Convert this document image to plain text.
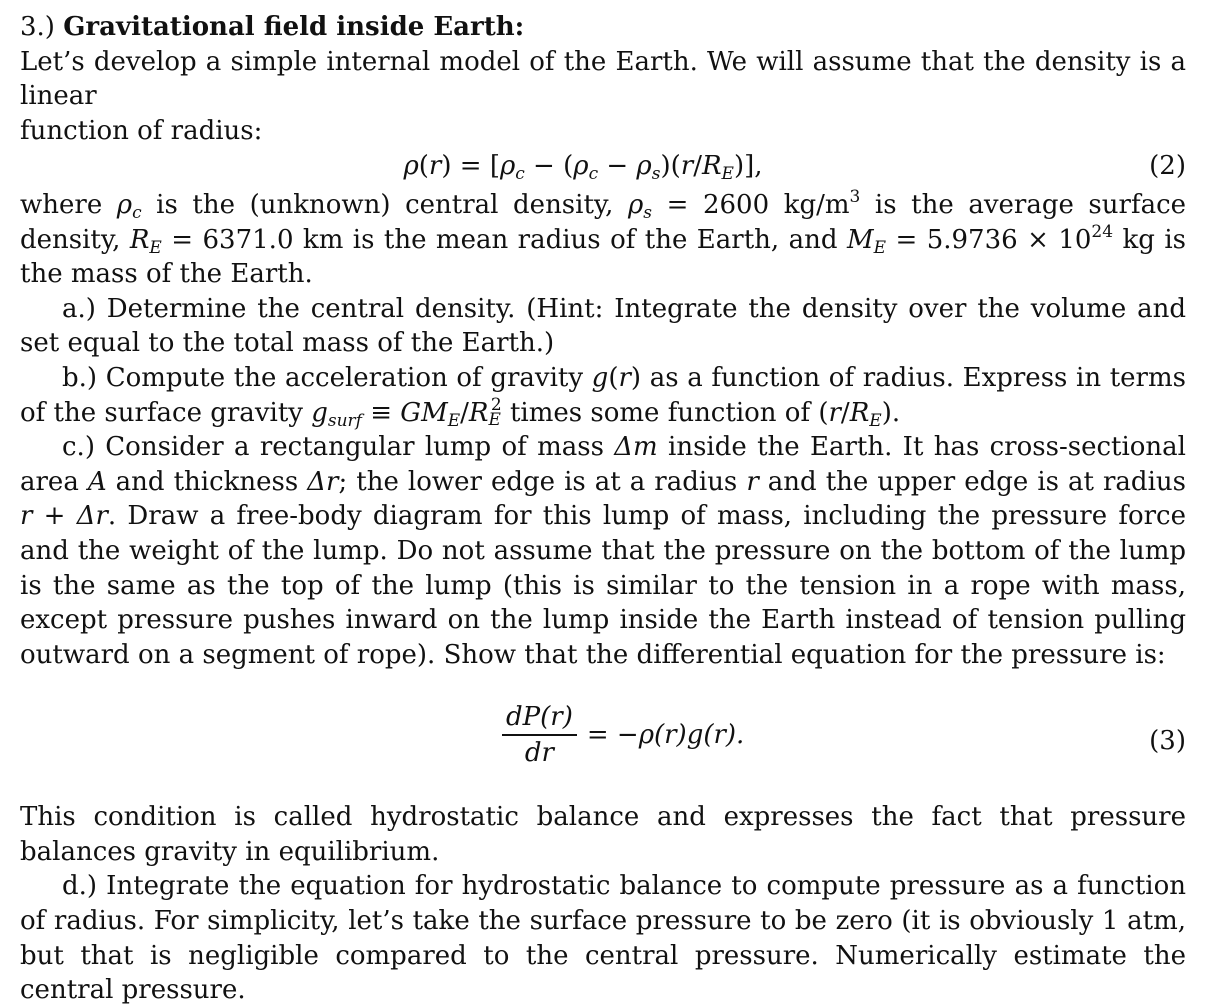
3.) Gravitational field inside Earth:

Let’s develop a simple internal model of the Earth. We will assume that the density is a linear
function of radius:

$\rho(r) = [\rho_c - (\rho_c - \rho_s)(r/R_E)]$,	(2)

where $\rho_c$ is the (unknown) central density, $\rho_s = 2600$ $kg/m^3$ is the average surface density, $R_E = 6371.0$ km is the mean radius of the Earth, and $M_E = 5.9736 \times 10^{24}$ kg is the mass of the Earth.

a.) Determine the central density. (Hint: Integrate the density over the volume and set equal to the total mass of the Earth.)

b.) Compute the acceleration of gravity g(r) as a function of radius. Express in terms of the surface gravity $g_{surf} \equiv GM_E/R_E^2$ times some function of $(r/R_E)$.

c.) Consider a rectangular lump of mass Δm inside the Earth. It has cross-sectional area A and thickness Δr; the lower edge is at a radius r and the upper edge is at radius r + Δr. Draw a free-body diagram for this lump of mass, including the pressure force and the weight of the lump. Do not assume that the pressure on the bottom of the lump is the same as the top of the lump (this is similar to the tension in a rope with mass, except pressure pushes inward on the lump inside the Earth instead of tension pulling outward on a segment of rope). Show that the differential equation for the pressure is:

$\frac{dP(r)}{dr} = -\rho(r)g(r)$.	(3)

This condition is called hydrostatic balance and expresses the fact that pressure balances gravity in equilibrium.

d.) Integrate the equation for hydrostatic balance to compute pressure as a function of radius. For simplicity, let’s take the surface pressure to be zero (it is obviously 1 atm, but that is negligible compared to the central pressure. Numerically estimate the central pressure.
